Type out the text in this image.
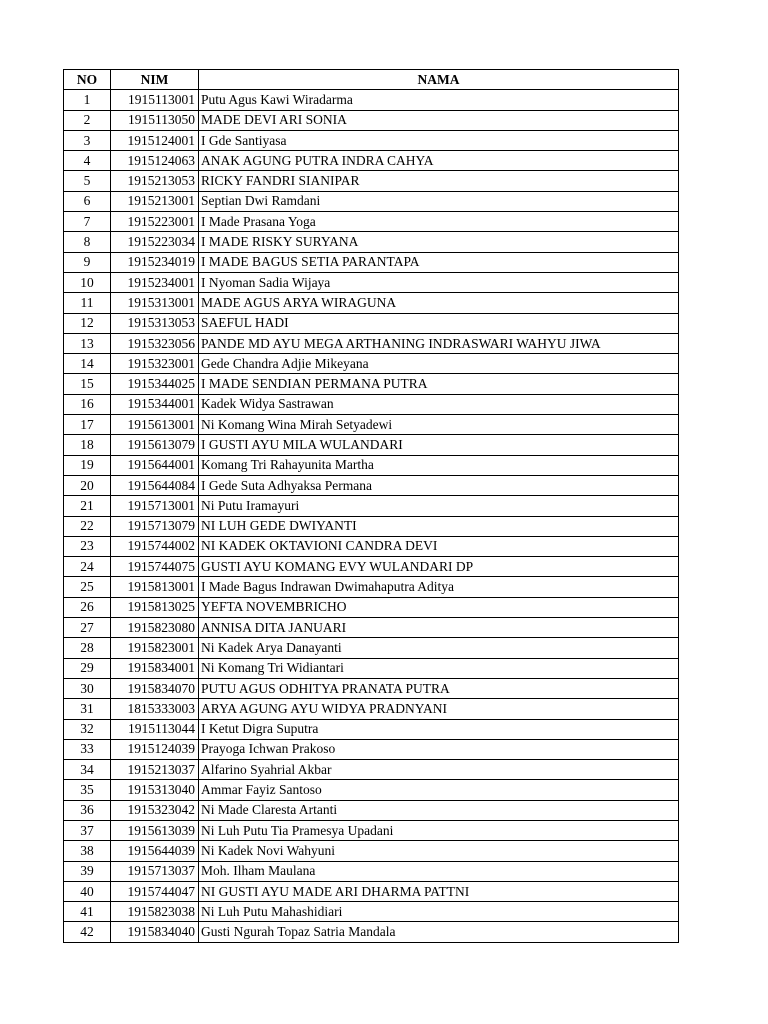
NO	NIM	NAMA
1	1915113001	Putu Agus Kawi Wiradarma
2	1915113050	MADE DEVI ARI SONIA
3	1915124001	I Gde Santiyasa
4	1915124063	ANAK AGUNG PUTRA INDRA CAHYA
5	1915213053	RICKY FANDRI SIANIPAR
6	1915213001	Septian Dwi Ramdani
7	1915223001	I Made Prasana Yoga
8	1915223034	I MADE RISKY SURYANA
9	1915234019	I MADE BAGUS SETIA PARANTAPA
10	1915234001	I Nyoman Sadia Wijaya
11	1915313001	MADE AGUS ARYA WIRAGUNA
12	1915313053	SAEFUL HADI
13	1915323056	PANDE MD AYU MEGA ARTHANING INDRASWARI WAHYU JIWA
14	1915323001	Gede Chandra Adjie Mikeyana
15	1915344025	I MADE SENDIAN PERMANA PUTRA
16	1915344001	Kadek Widya Sastrawan
17	1915613001	Ni Komang Wina Mirah Setyadewi
18	1915613079	I GUSTI AYU MILA WULANDARI
19	1915644001	Komang Tri Rahayunita Martha
20	1915644084	I Gede Suta Adhyaksa Permana
21	1915713001	Ni Putu Iramayuri
22	1915713079	NI LUH GEDE DWIYANTI
23	1915744002	NI KADEK OKTAVIONI CANDRA DEVI
24	1915744075	GUSTI AYU KOMANG EVY WULANDARI DP
25	1915813001	I Made Bagus Indrawan Dwimahaputra Aditya
26	1915813025	YEFTA NOVEMBRICHO
27	1915823080	ANNISA DITA JANUARI
28	1915823001	Ni Kadek Arya Danayanti
29	1915834001	Ni Komang Tri Widiantari
30	1915834070	PUTU AGUS ODHITYA PRANATA PUTRA
31	1815333003	ARYA AGUNG AYU WIDYA PRADNYANI
32	1915113044	I Ketut Digra Suputra
33	1915124039	Prayoga Ichwan Prakoso
34	1915213037	Alfarino Syahrial Akbar
35	1915313040	Ammar Fayiz Santoso
36	1915323042	Ni Made Claresta Artanti
37	1915613039	Ni Luh Putu Tia Pramesya Upadani
38	1915644039	Ni Kadek Novi Wahyuni
39	1915713037	Moh. Ilham Maulana
40	1915744047	NI GUSTI AYU MADE ARI DHARMA PATTNI
41	1915823038	Ni Luh Putu Mahashidiari
42	1915834040	Gusti Ngurah Topaz Satria Mandala
